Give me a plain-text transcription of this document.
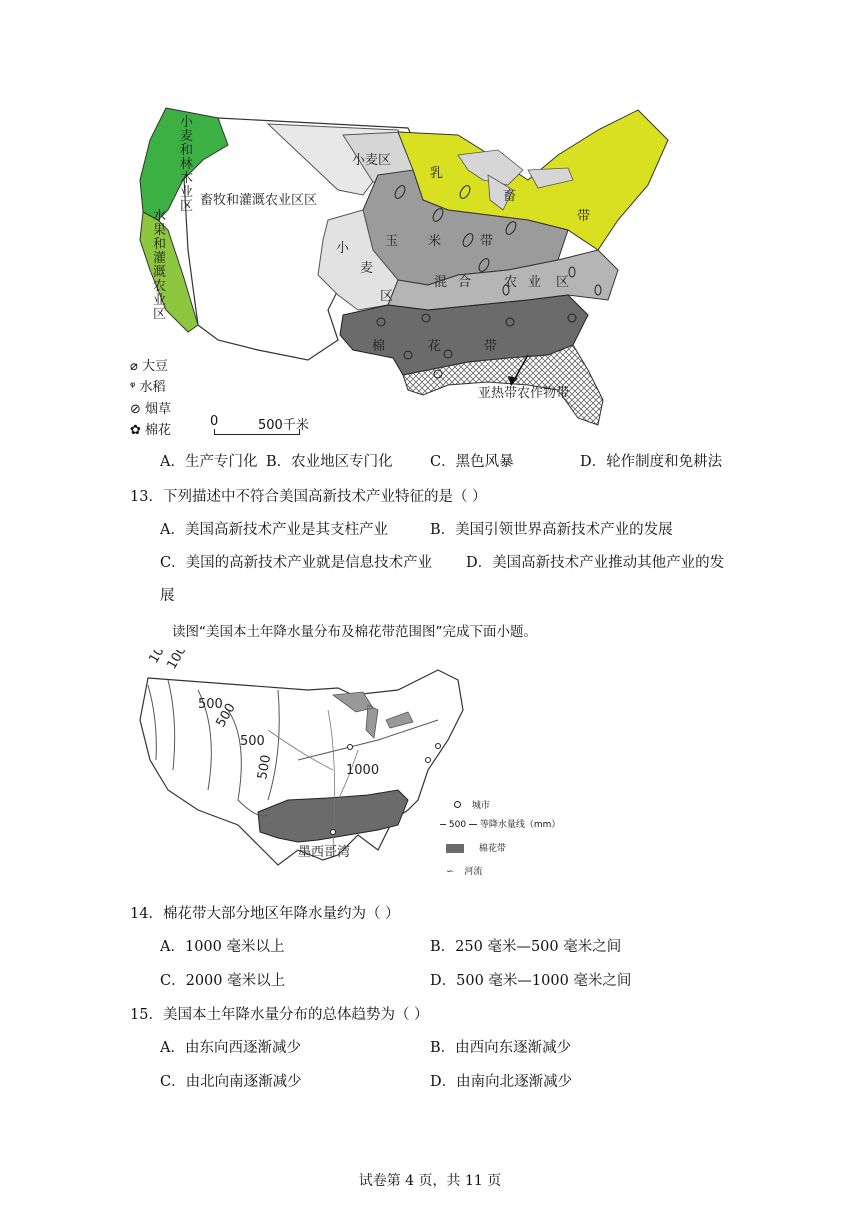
畜牧和灌溉农业区区
小麦区
亚热带农作物带
乳
畜
带
玉 米	带
小
麦
区
混 合	农 业 区
棉	花	带
小麦和林木业区
水果和灌溉农业区
⌀ 大豆
ᵠ 水稻
⊘ 烟草
✿ 棉花
0	500千米
A．生产专门化 B．农业地区专门化	C．黑色风暴	D．轮作制度和免耕法
13．下列描述中不符合美国高新技术产业特征的是（ ）
A．美国高新技术产业是其支柱产业	B．美国引领世界高新技术产业的发展
C．美国的高新技术产业就是信息技术产业 D．美国高新技术产业推动其他产业的发
展
读图“美国本土年降水量分布及棉花带范围图”完成下面小题。
1000
500
500
500
500	1000
墨西哥湾
城市
500 等降水量线（mm）
棉花带
∽ 河流
14．棉花带大部分地区年降水量约为（ ）
A．1000 毫米以上	B．250 毫米—500 毫米之间
C．2000 毫米以上	D．500 毫米—1000 毫米之间
15．美国本土年降水量分布的总体趋势为（ ）
A．由东向西逐渐减少	B．由西向东逐渐减少
C．由北向南逐渐减少	D．由南向北逐渐减少
试卷第 4 页，共 11 页
